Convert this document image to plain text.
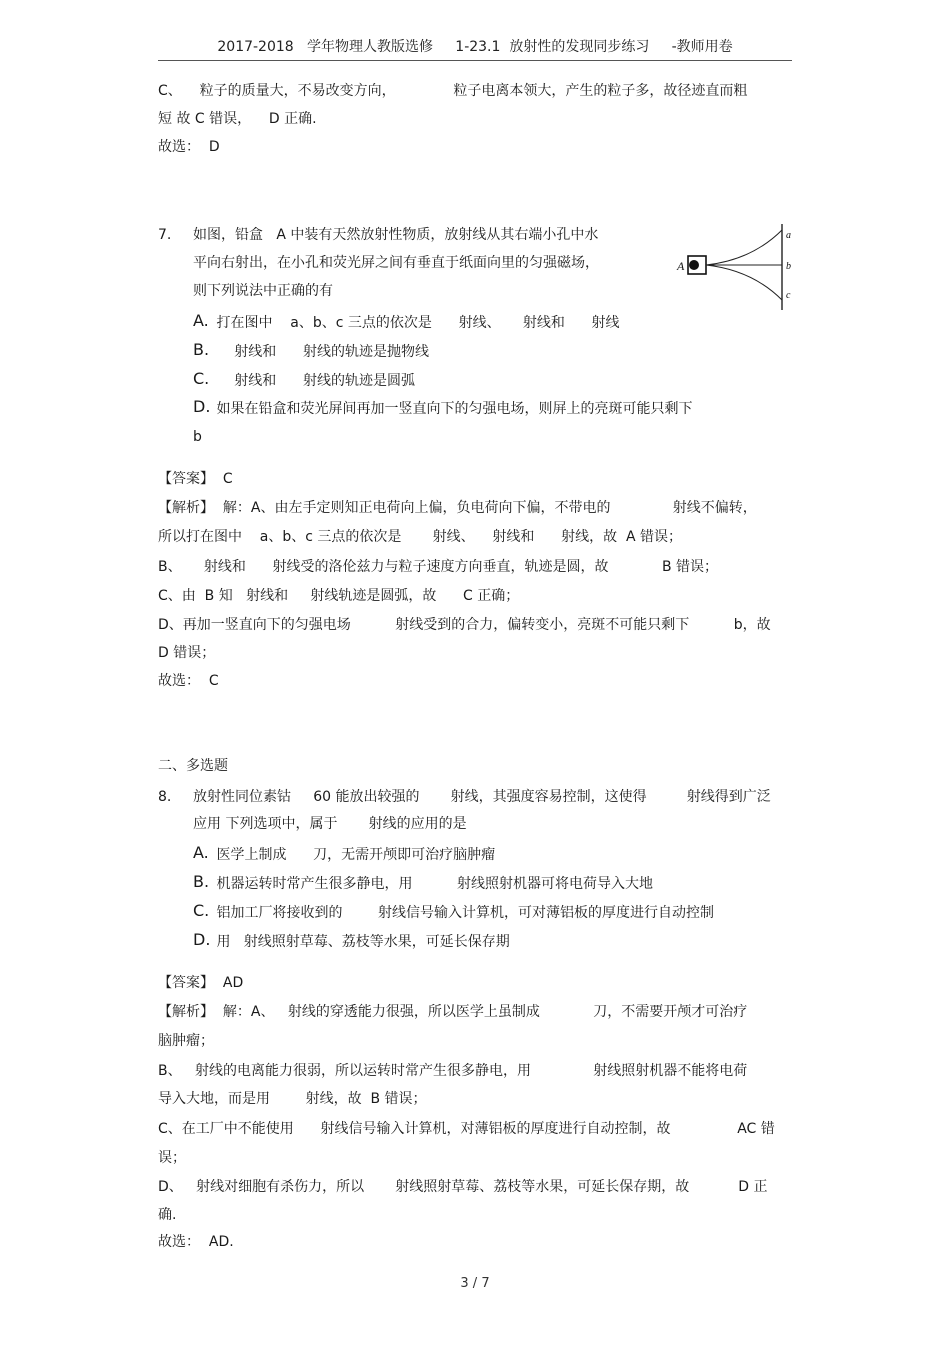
2017-2018   学年物理人教版选修     1-23.1  放射性的发现同步练习     -教师用卷
C、    粒子的质量大，不易改变方向，             粒子电离本领大，产生的粒子多，故径迹直而粗
短 故 C 错误，    D 正确.
故选：  D
7. 如图，铅盒   A 中装有天然放射性物质，放射线从其右端小孔中水
平向右射出，在小孔和荧光屏之间有垂直于纸面向里的匀强磁场，
则下列说法中正确的有
A
a
b
c
A. 打在图中    a、b、c 三点的依次是      射线、     射线和      射线
B. 射线和      射线的轨迹是抛物线
C. 射线和      射线的轨迹是圆弧
D. 如果在铅盒和荧光屏间再加一竖直向下的匀强电场，则屏上的亮斑可能只剩下
b
【答案】  C
【解析】  解：A、由左手定则知正电荷向上偏，负电荷向下偏，不带电的              射线不偏转，
所以打在图中    a、b、c 三点的依次是       射线、    射线和      射线，故  A 错误；
B、     射线和      射线受的洛伦兹力与粒子速度方向垂直，轨迹是圆，故            B 错误；
C、由  B 知   射线和     射线轨迹是圆弧，故      C 正确；
D、再加一竖直向下的匀强电场          射线受到的合力，偏转变小，亮斑不可能只剩下          b，故
D 错误；
故选：  C
二、多选题
8. 放射性同位素钴     60 能放出较强的       射线，其强度容易控制，这使得         射线得到广泛
应用 下列选项中，属于       射线的应用的是
A. 医学上制成      刀，无需开颅即可治疗脑肿瘤
B. 机器运转时常产生很多静电，用          射线照射机器可将电荷导入大地
C. 铝加工厂将接收到的        射线信号输入计算机，可对薄铝板的厚度进行自动控制
D. 用   射线照射草莓、荔枝等水果，可延长保存期
【答案】  AD
【解析】  解：A、   射线的穿透能力很强，所以医学上虽制成            刀，不需要开颅才可治疗
脑肿瘤；
B、   射线的电离能力很弱，所以运转时常产生很多静电，用              射线照射机器不能将电荷
导入大地，而是用        射线，故  B 错误；
C、在工厂中不能使用      射线信号输入计算机，对薄铝板的厚度进行自动控制，故               AC 错
误；
D、   射线对细胞有杀伤力，所以       射线照射草莓、荔枝等水果，可延长保存期，故           D 正
确.
故选：  AD.
3 / 7
